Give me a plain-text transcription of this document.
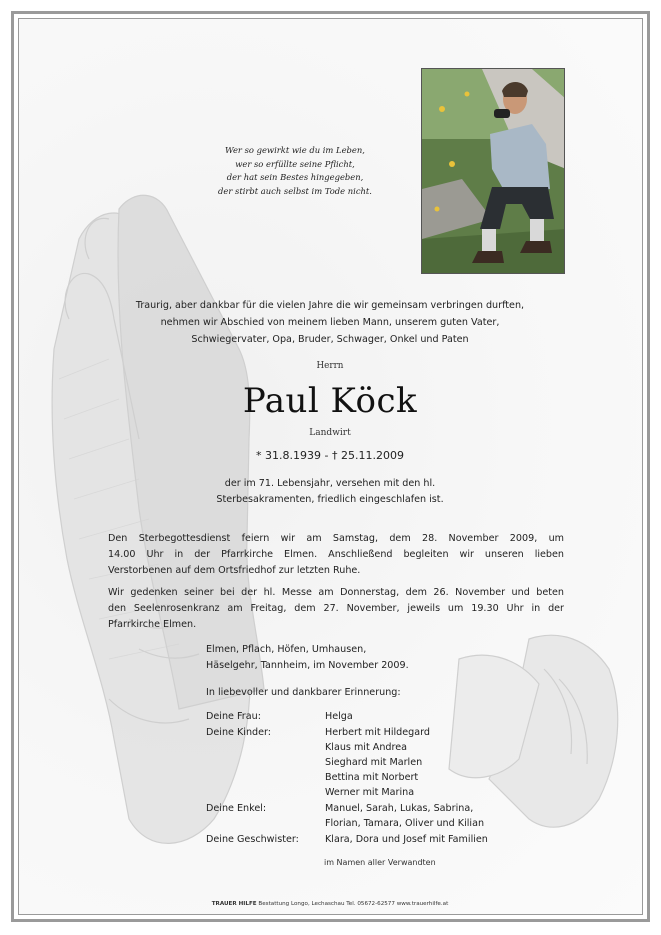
Wer so gewirkt wie du im Leben,
wer so erfüllte seine Pflicht,
der hat sein Bestes hingegeben,
der stirbt auch selbst im Tode nicht.
Traurig, aber dankbar für die vielen Jahre die wir gemeinsam verbringen durften,
nehmen wir Abschied von meinem lieben Mann, unserem guten Vater,
Schwiegervater, Opa, Bruder, Schwager, Onkel und Paten
Herrn
Paul Köck
Landwirt
* 31.8.1939 - † 25.11.2009
der im 71. Lebensjahr, versehen mit den hl.
Sterbesakramenten, friedlich eingeschlafen ist.
Den Sterbegottesdienst feiern wir am Samstag, dem 28. November 2009, um
14.00 Uhr in der Pfarrkirche Elmen. Anschließend begleiten wir unseren lieben
Verstorbenen auf dem Ortsfriedhof zur letzten Ruhe.
Wir gedenken seiner bei der hl. Messe am Donnerstag, dem 26. November und beten
den Seelenrosenkranz am Freitag, dem 27. November, jeweils um 19.30 Uhr in der
Pfarrkirche Elmen.
Elmen, Pflach, Höfen, Umhausen,
Häselgehr, Tannheim, im November 2009.
In liebevoller und dankbarer Erinnerung:
Deine Frau:	Helga
Deine Kinder:	Herbert mit Hildegard
Klaus mit Andrea
Sieghard mit Marlen
Bettina mit Norbert
Werner mit Marina
Deine Enkel:	Manuel, Sarah, Lukas, Sabrina,
Florian, Tamara, Oliver und Kilian
Deine Geschwister:	Klara, Dora und Josef mit Familien
im Namen aller Verwandten
TRAUER HILFE Bestattung Longo, Lechaschau Tel. 05672-62577 www.trauerhilfe.at
